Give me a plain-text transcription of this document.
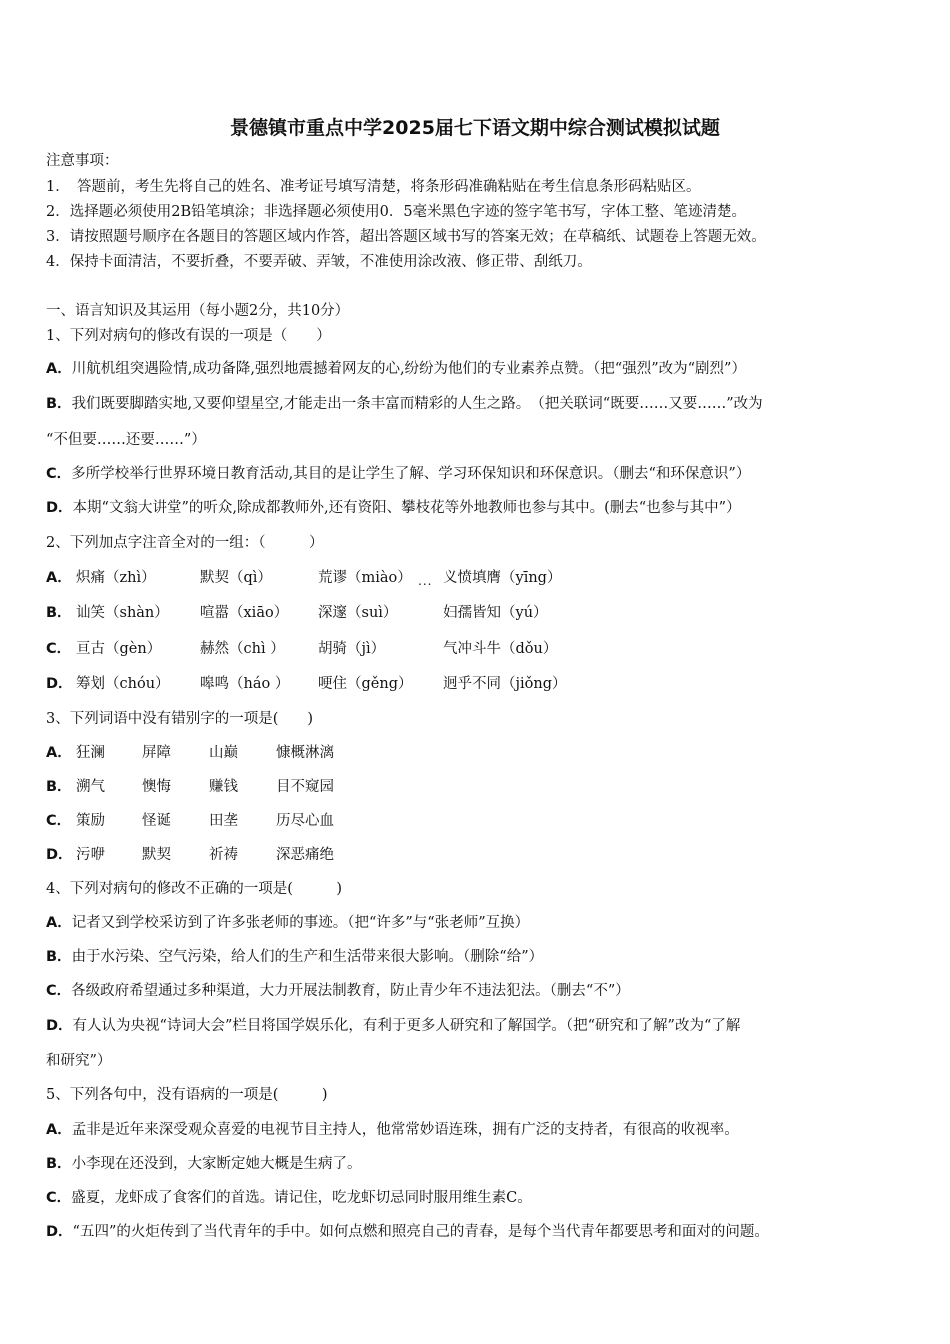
景德镇市重点中学2025届七下语文期中综合测试模拟试题
注意事项：
1．　答题前，考生先将自己的姓名、准考证号填写清楚，将条形码准确粘贴在考生信息条形码粘贴区。
2．选择题必须使用2B铅笔填涂；非选择题必须使用0．5毫米黑色字迹的签字笔书写，字体工整、笔迹清楚。
3．请按照题号顺序在各题目的答题区域内作答，超出答题区域书写的答案无效；在草稿纸、试题卷上答题无效。
4．保持卡面清洁，不要折叠，不要弄破、弄皱，不准使用涂改液、修正带、刮纸刀。
一、语言知识及其运用（每小题2分，共10分）
1、下列对病句的修改有误的一项是（　　）
A．川航机组突遇险情,成功备降,强烈地震撼着网友的心,纷纷为他们的专业素养点赞。（把“强烈”改为“剧烈”）
B．我们既要脚踏实地,又要仰望星空,才能走出一条丰富而精彩的人生之路。　（把关联词“既要……又要……”改为
“不但要……还要……”）
C．多所学校举行世界环境日教育活动,其目的是让学生了解、学习环保知识和环保意识。（删去“和环保意识”）
D．本期“文翁大讲堂”的听众,除成都教师外,还有资阳、攀枝花等外地教师也参与其中。(删去“也参与其中”）
2、下列加点字注音全对的一组：（　　　）
A． 炽痛（zhì）	默契（qì）	荒谬（miào） ... 义愤填膺（yīng）
B． 讪笑（shàn） 喧嚣（xiāo） 深邃（suì）	妇孺皆知（yú）
C． 亘古（gèn）	赫然（chì ） 胡骑（jì）	气冲斗牛（dǒu）
D． 筹划（chóu） 嗥鸣（háo ） 哽住（gěng） 迥乎不同（jiǒng）
3、下列词语中没有错别字的一项是(　　)
A． 狂澜	屏障	山巅	慷概淋漓
B． 溯气	懊悔	赚钱	目不窥园
C． 策励	怪诞	田垄	历尽心血
D． 污咿	默契	祈祷	深恶痛绝
4、下列对病句的修改不正确的一项是(　　　)
A．记者又到学校采访到了许多张老师的事迹。（把“许多”与“张老师”互换）
B．由于水污染、空气污染，给人们的生产和生活带来很大影响。（删除“给”）
C．各级政府希望通过多种渠道，大力开展法制教育，防止青少年不违法犯法。（删去“不”）
D．有人认为央视“诗词大会”栏目将国学娱乐化，有利于更多人研究和了解国学。（把“研究和了解”改为“了解
和研究”）
5、下列各句中，没有语病的一项是(　　　)
A．孟非是近年来深受观众喜爱的电视节目主持人，他常常妙语连珠，拥有广泛的支持者，有很高的收视率。
B．小李现在还没到，大家断定她大概是生病了。
C．盛夏，龙虾成了食客们的首选。请记住，吃龙虾切忌同时服用维生素C。
D．“五四”的火炬传到了当代青年的手中。如何点燃和照亮自己的青春，是每个当代青年都要思考和面对的问题。
